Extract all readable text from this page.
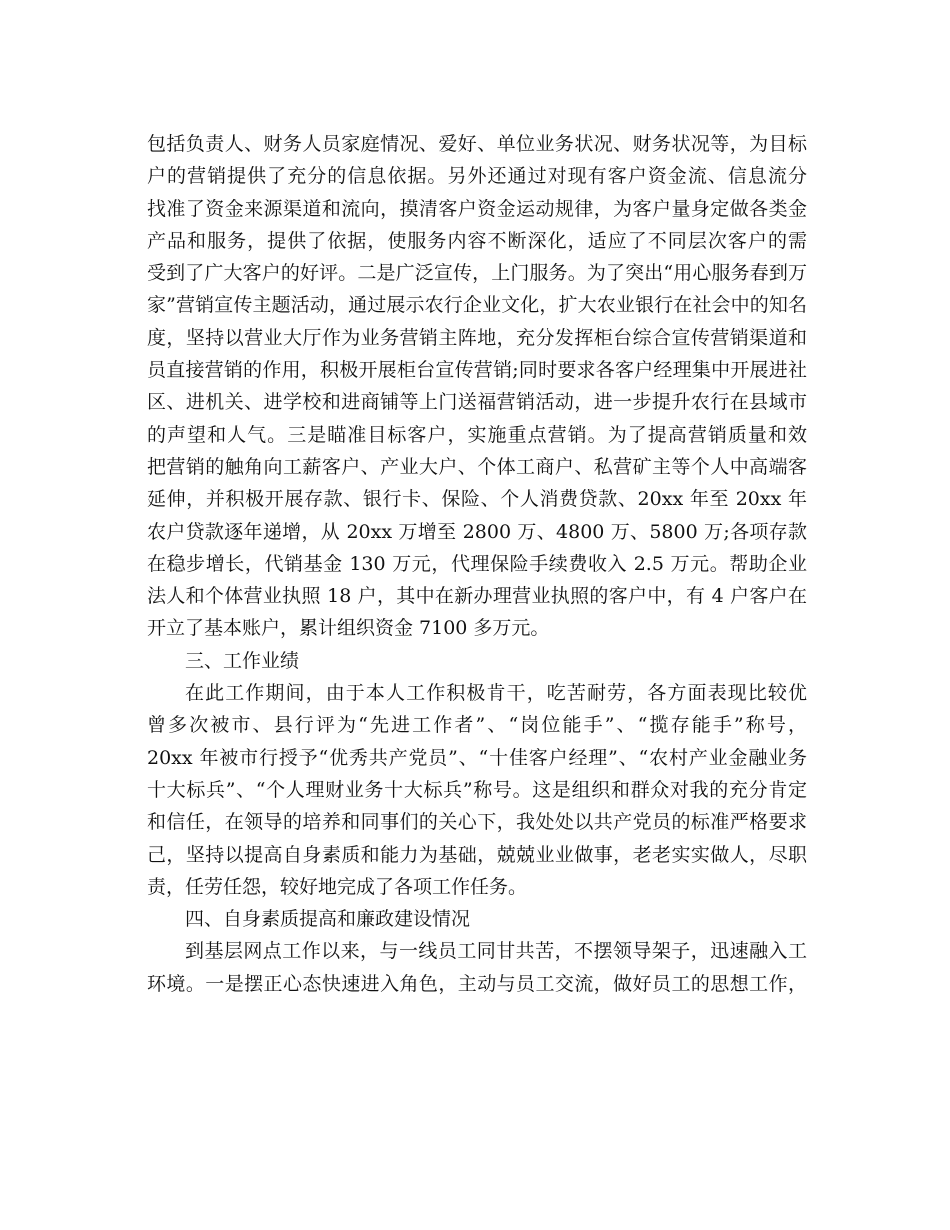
包括负责人、财务人员家庭情况、爱好、单位业务状况、财务状况等，为目标
户的营销提供了充分的信息依据。另外还通过对现有客户资金流、信息流分
找准了资金来源渠道和流向，摸清客户资金运动规律，为客户量身定做各类金
产品和服务，提供了依据，使服务内容不断深化，适应了不同层次客户的需
受到了广大客户的好评。二是广泛宣传，上门服务。为了突出“用心服务春到万
家”营销宣传主题活动，通过展示农行企业文化，扩大农业银行在社会中的知名
度，坚持以营业大厅作为业务营销主阵地，充分发挥柜台综合宣传营销渠道和
员直接营销的作用，积极开展柜台宣传营销;同时要求各客户经理集中开展进社
区、进机关、进学校和进商铺等上门送福营销活动，进一步提升农行在县域市
的声望和人气。三是瞄准目标客户，实施重点营销。为了提高营销质量和效
把营销的触角向工薪客户、产业大户、个体工商户、私营矿主等个人中高端客
延伸，并积极开展存款、银行卡、保险、个人消费贷款、20xx 年至 20xx 年
农户贷款逐年递增，从 20xx 万增至 2800 万、4800 万、5800 万;各项存款
在稳步增长，代销基金 130 万元，代理保险手续费收入 2.5 万元。帮助企业
法人和个体营业执照 18 户，其中在新办理营业执照的客户中，有 4 户客户在
开立了基本账户，累计组织资金 7100 多万元。
三、工作业绩
在此工作期间，由于本人工作积极肯干，吃苦耐劳，各方面表现比较优
曾多次被市、县行评为“先进工作者”、“岗位能手”、“揽存能手”称号，
20xx 年被市行授予“优秀共产党员”、“十佳客户经理”、“农村产业金融业务
十大标兵”、“个人理财业务十大标兵”称号。这是组织和群众对我的充分肯定
和信任，在领导的培养和同事们的关心下，我处处以共产党员的标准严格要求
己，坚持以提高自身素质和能力为基础，兢兢业业做事，老老实实做人，尽职
责，任劳任怨，较好地完成了各项工作任务。
四、自身素质提高和廉政建设情况
到基层网点工作以来，与一线员工同甘共苦，不摆领导架子，迅速融入工
环境。一是摆正心态快速进入角色，主动与员工交流，做好员工的思想工作，
